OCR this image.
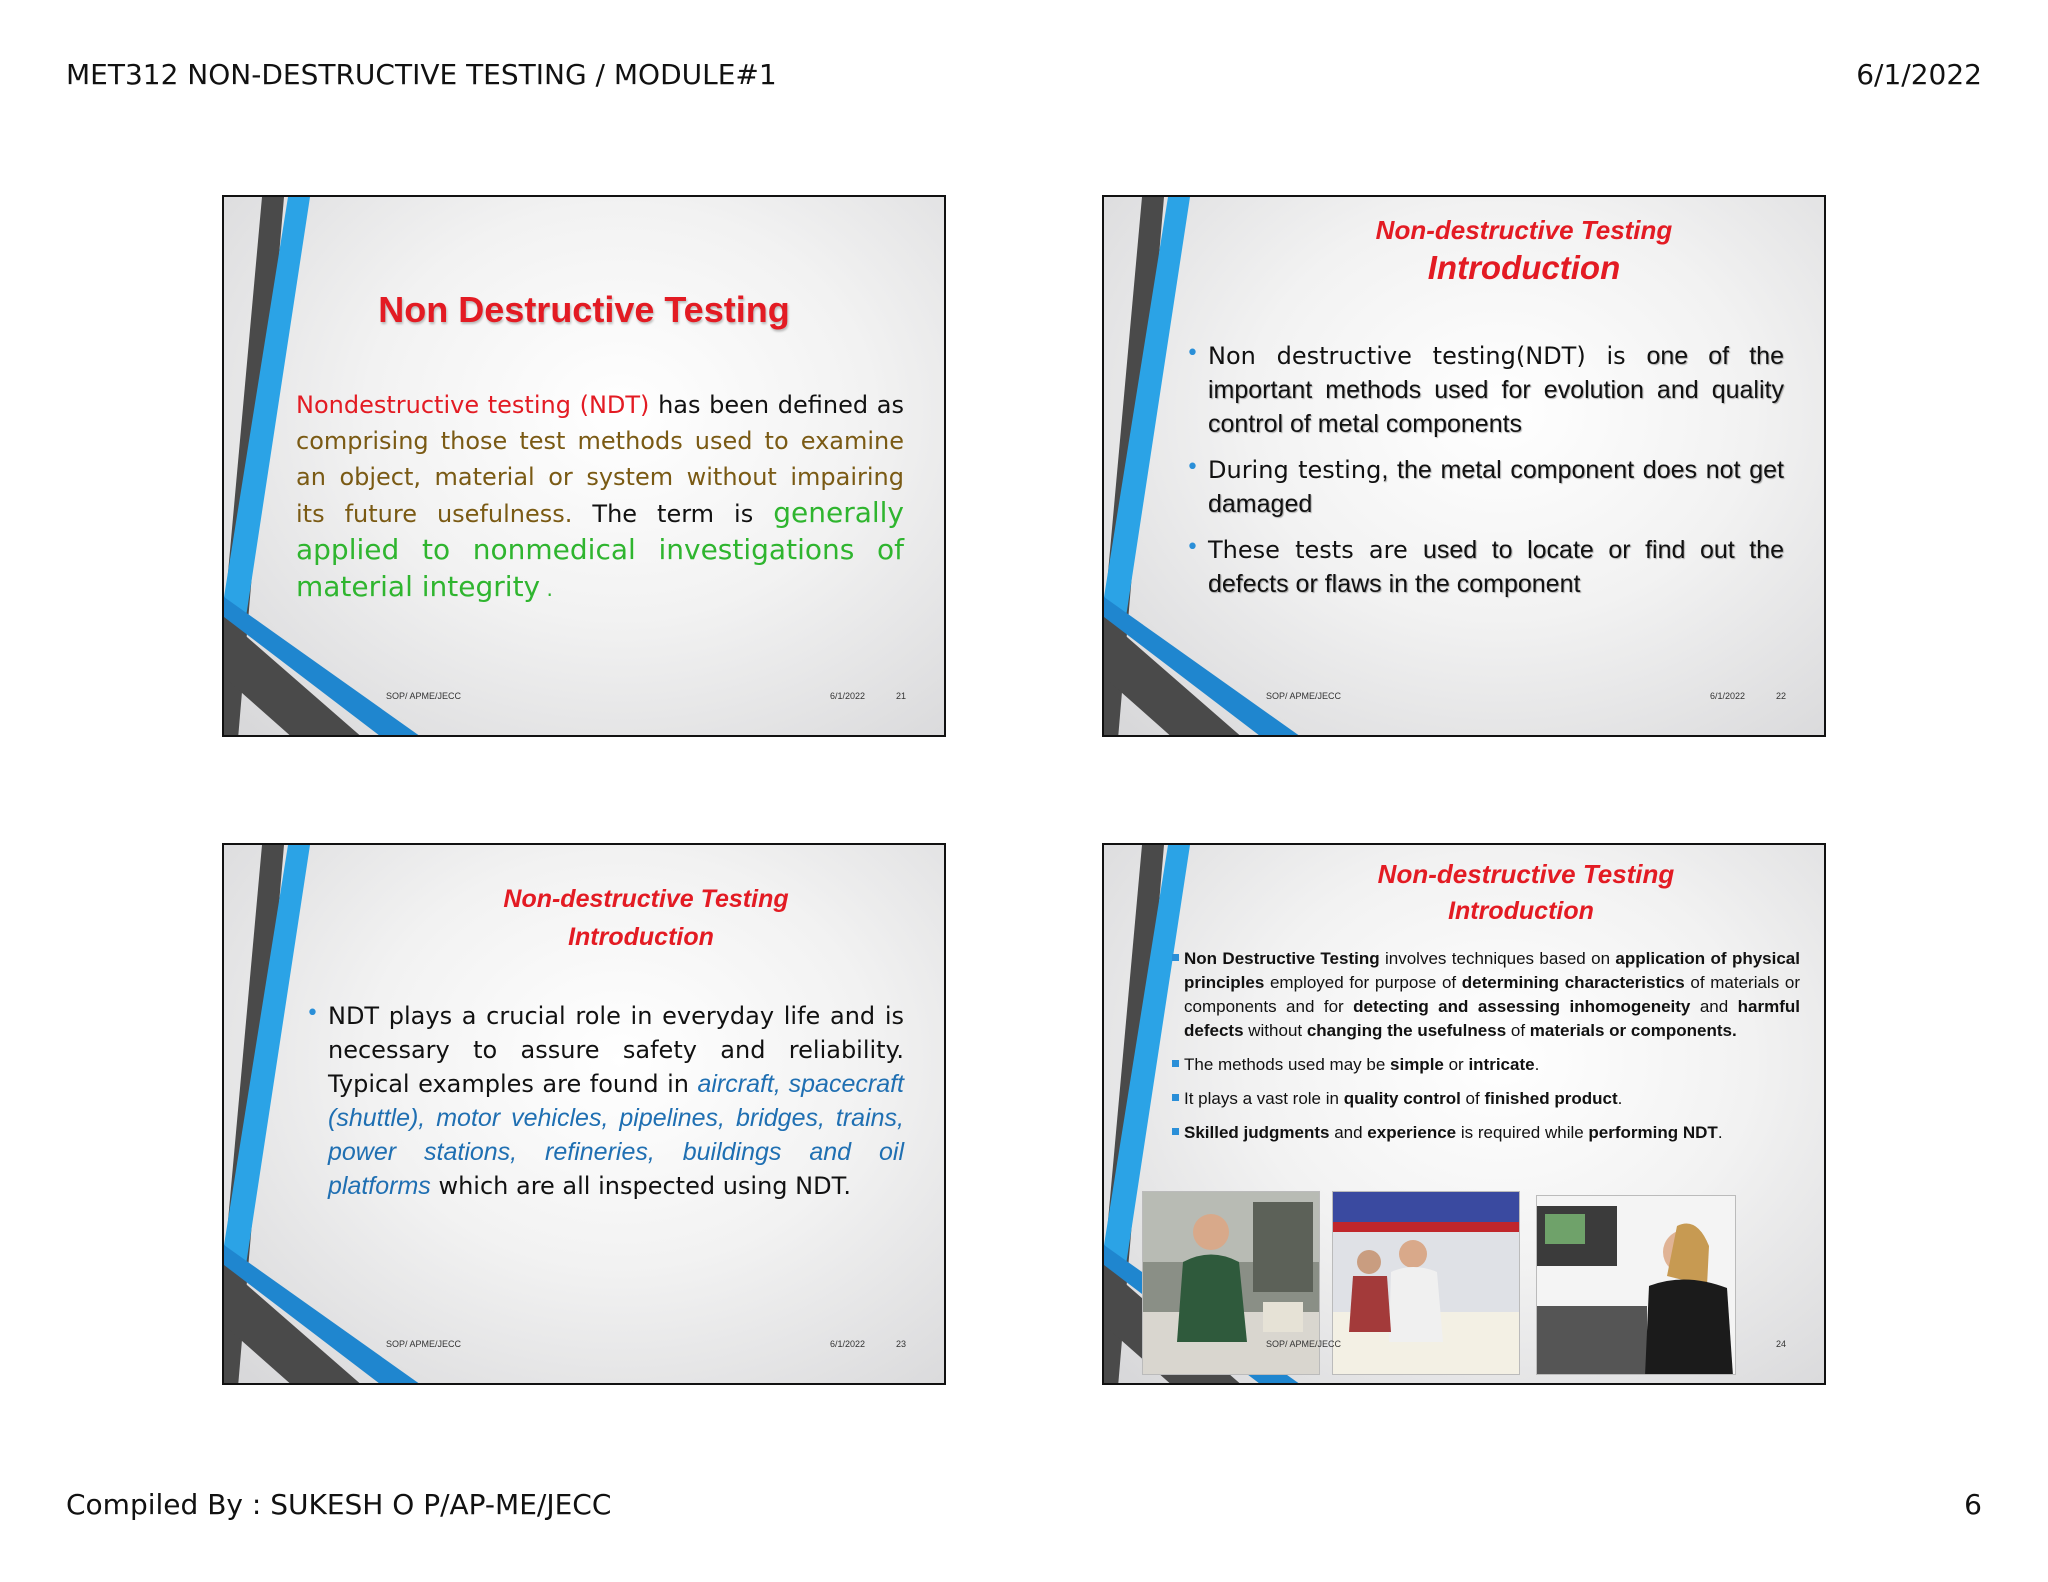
MET312 NON-DESTRUCTIVE TESTING / MODULE#1	6/1/2022
Non Destructive Testing
Nondestructive testing (NDT) has been defined as comprising those test methods used to examine an object, material or system without impairing its future usefulness. The term is generally applied to nonmedical investigations of material integrity .
SOP/ APME/JECC	6/1/2022	21
Non-destructive Testing
Introduction
• Non destructive testing(NDT) is one of the important methods used for evolution and quality control of metal components
• During testing, the metal component does not get damaged
• These tests are used to locate or find out the defects or flaws in the component
SOP/ APME/JECC	6/1/2022	22
Non-destructive Testing
Introduction
• NDT plays a crucial role in everyday life and is necessary to assure safety and reliability. Typical examples are found in aircraft, spacecraft (shuttle), motor vehicles, pipelines, bridges, trains, power stations, refineries, buildings and oil platforms which are all inspected using NDT.
SOP/ APME/JECC	6/1/2022	23
Non-destructive Testing
Introduction
Non Destructive Testing involves techniques based on application of physical principles employed for purpose of determining characteristics of materials or components and for detecting and assessing inhomogeneity and harmful defects without changing the usefulness of materials or components.
The methods used may be simple or intricate.
It plays a vast role in quality control of finished product.
Skilled judgments and experience is required while performing NDT.
SOP/ APME/JECC	24
Compiled By : SUKESH O P/AP-ME/JECC	6
